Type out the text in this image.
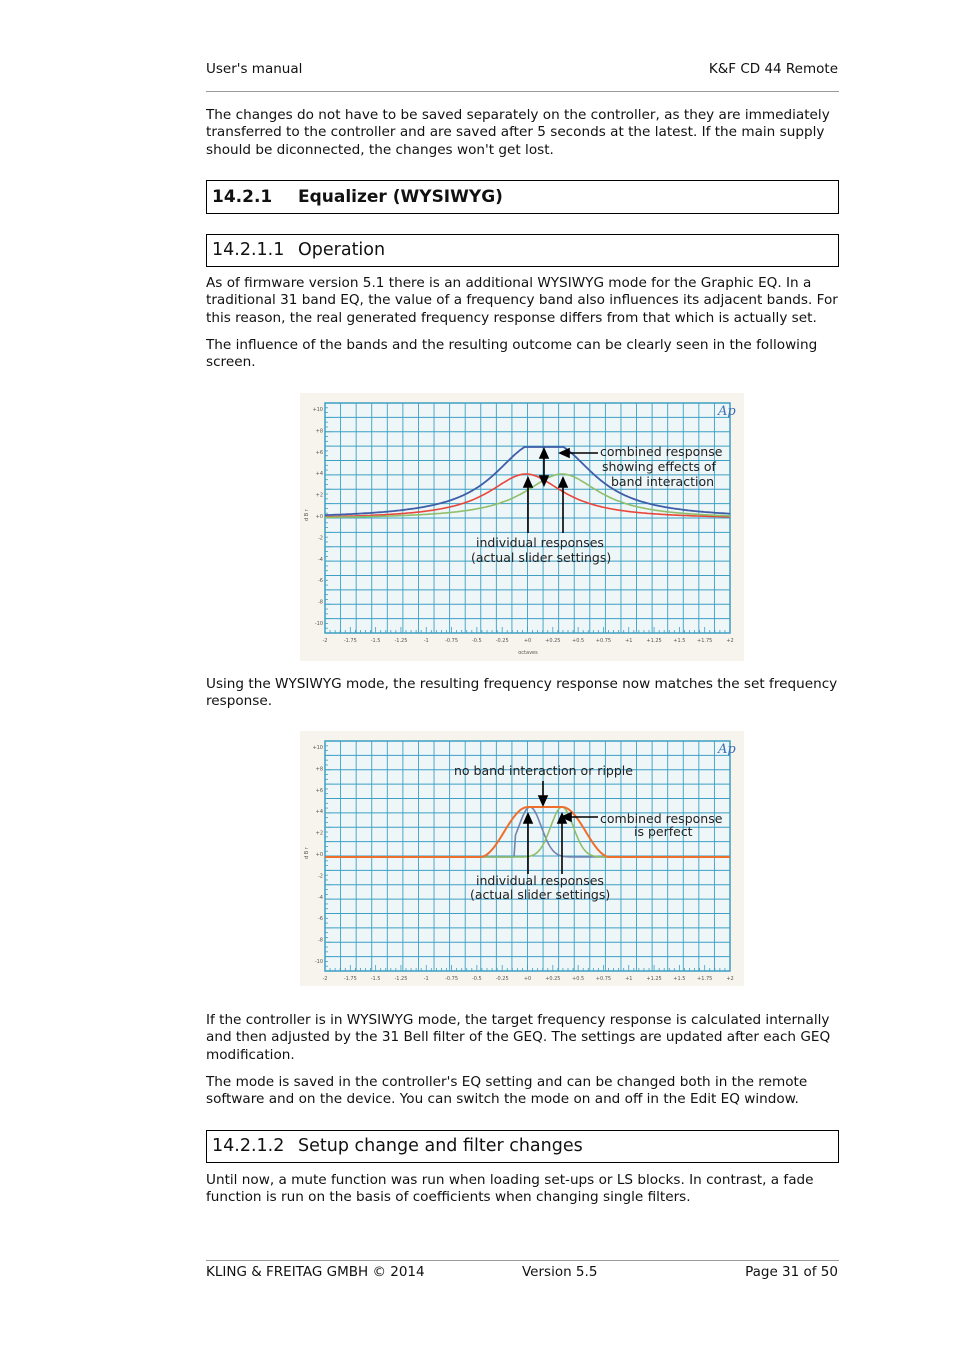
User's manual	K&F CD 44 Remote

The changes do not have to be saved separately on the controller, as they are immediately transferred to the controller and are saved after 5 seconds at the latest. If the main supply should be diconnected, the changes won't get lost.

14.2.1 Equalizer (WYSIWYG)
14.2.1.1 Operation

As of firmware version 5.1 there is an additional WYSIWYG mode for the Graphic EQ. In a traditional 31 band EQ, the value of a frequency band also influences its adjacent bands. For this reason, the real generated frequency response differs from that which is actually set.

The influence of the bands and the resulting outcome can be clearly seen in the following screen.

-2	-1.75	-1.5	-1.25	-1	-0.75	-0.5	-0.25	+0	+0.25 +0.5 +0.75	+1	+1.25 +1.5 +1.75	+2
+10
+8
+6
+4
+2
+0
-2
-4
-6
-8
-10
Ap
d B r
octaves
combined response
showing effects of
band interaction
individual responses
(actual slider settings)

Using the WYSIWYG mode, the resulting frequency response now matches the set frequency response.

-2	-1.75	-1.5	-1.25	-1	-0.75	-0.5	-0.25	+0	+0.25 +0.5 +0.75	+1	+1.25 +1.5 +1.75	+2
+10
+8
+6
+4
+2
+0
-2
-4
-6
-8
-10
Ap
d B r
no band interaction or ripple
combined response
is perfect
individual responses
(actual slider settings)

If the controller is in WYSIWYG mode, the target frequency response is calculated internally and then adjusted by the 31 Bell filter of the GEQ. The settings are updated after each GEQ modification.

The mode is saved in the controller's EQ setting and can be changed both in the remote software and on the device. You can switch the mode on and off in the Edit EQ window.

14.2.1.2 Setup change and filter changes

Until now, a mute function was run when loading set-ups or LS blocks. In contrast, a fade function is run on the basis of coefficients when changing single filters.

KLING & FREITAG GMBH © 2014	Version 5.5	Page 31 of 50
